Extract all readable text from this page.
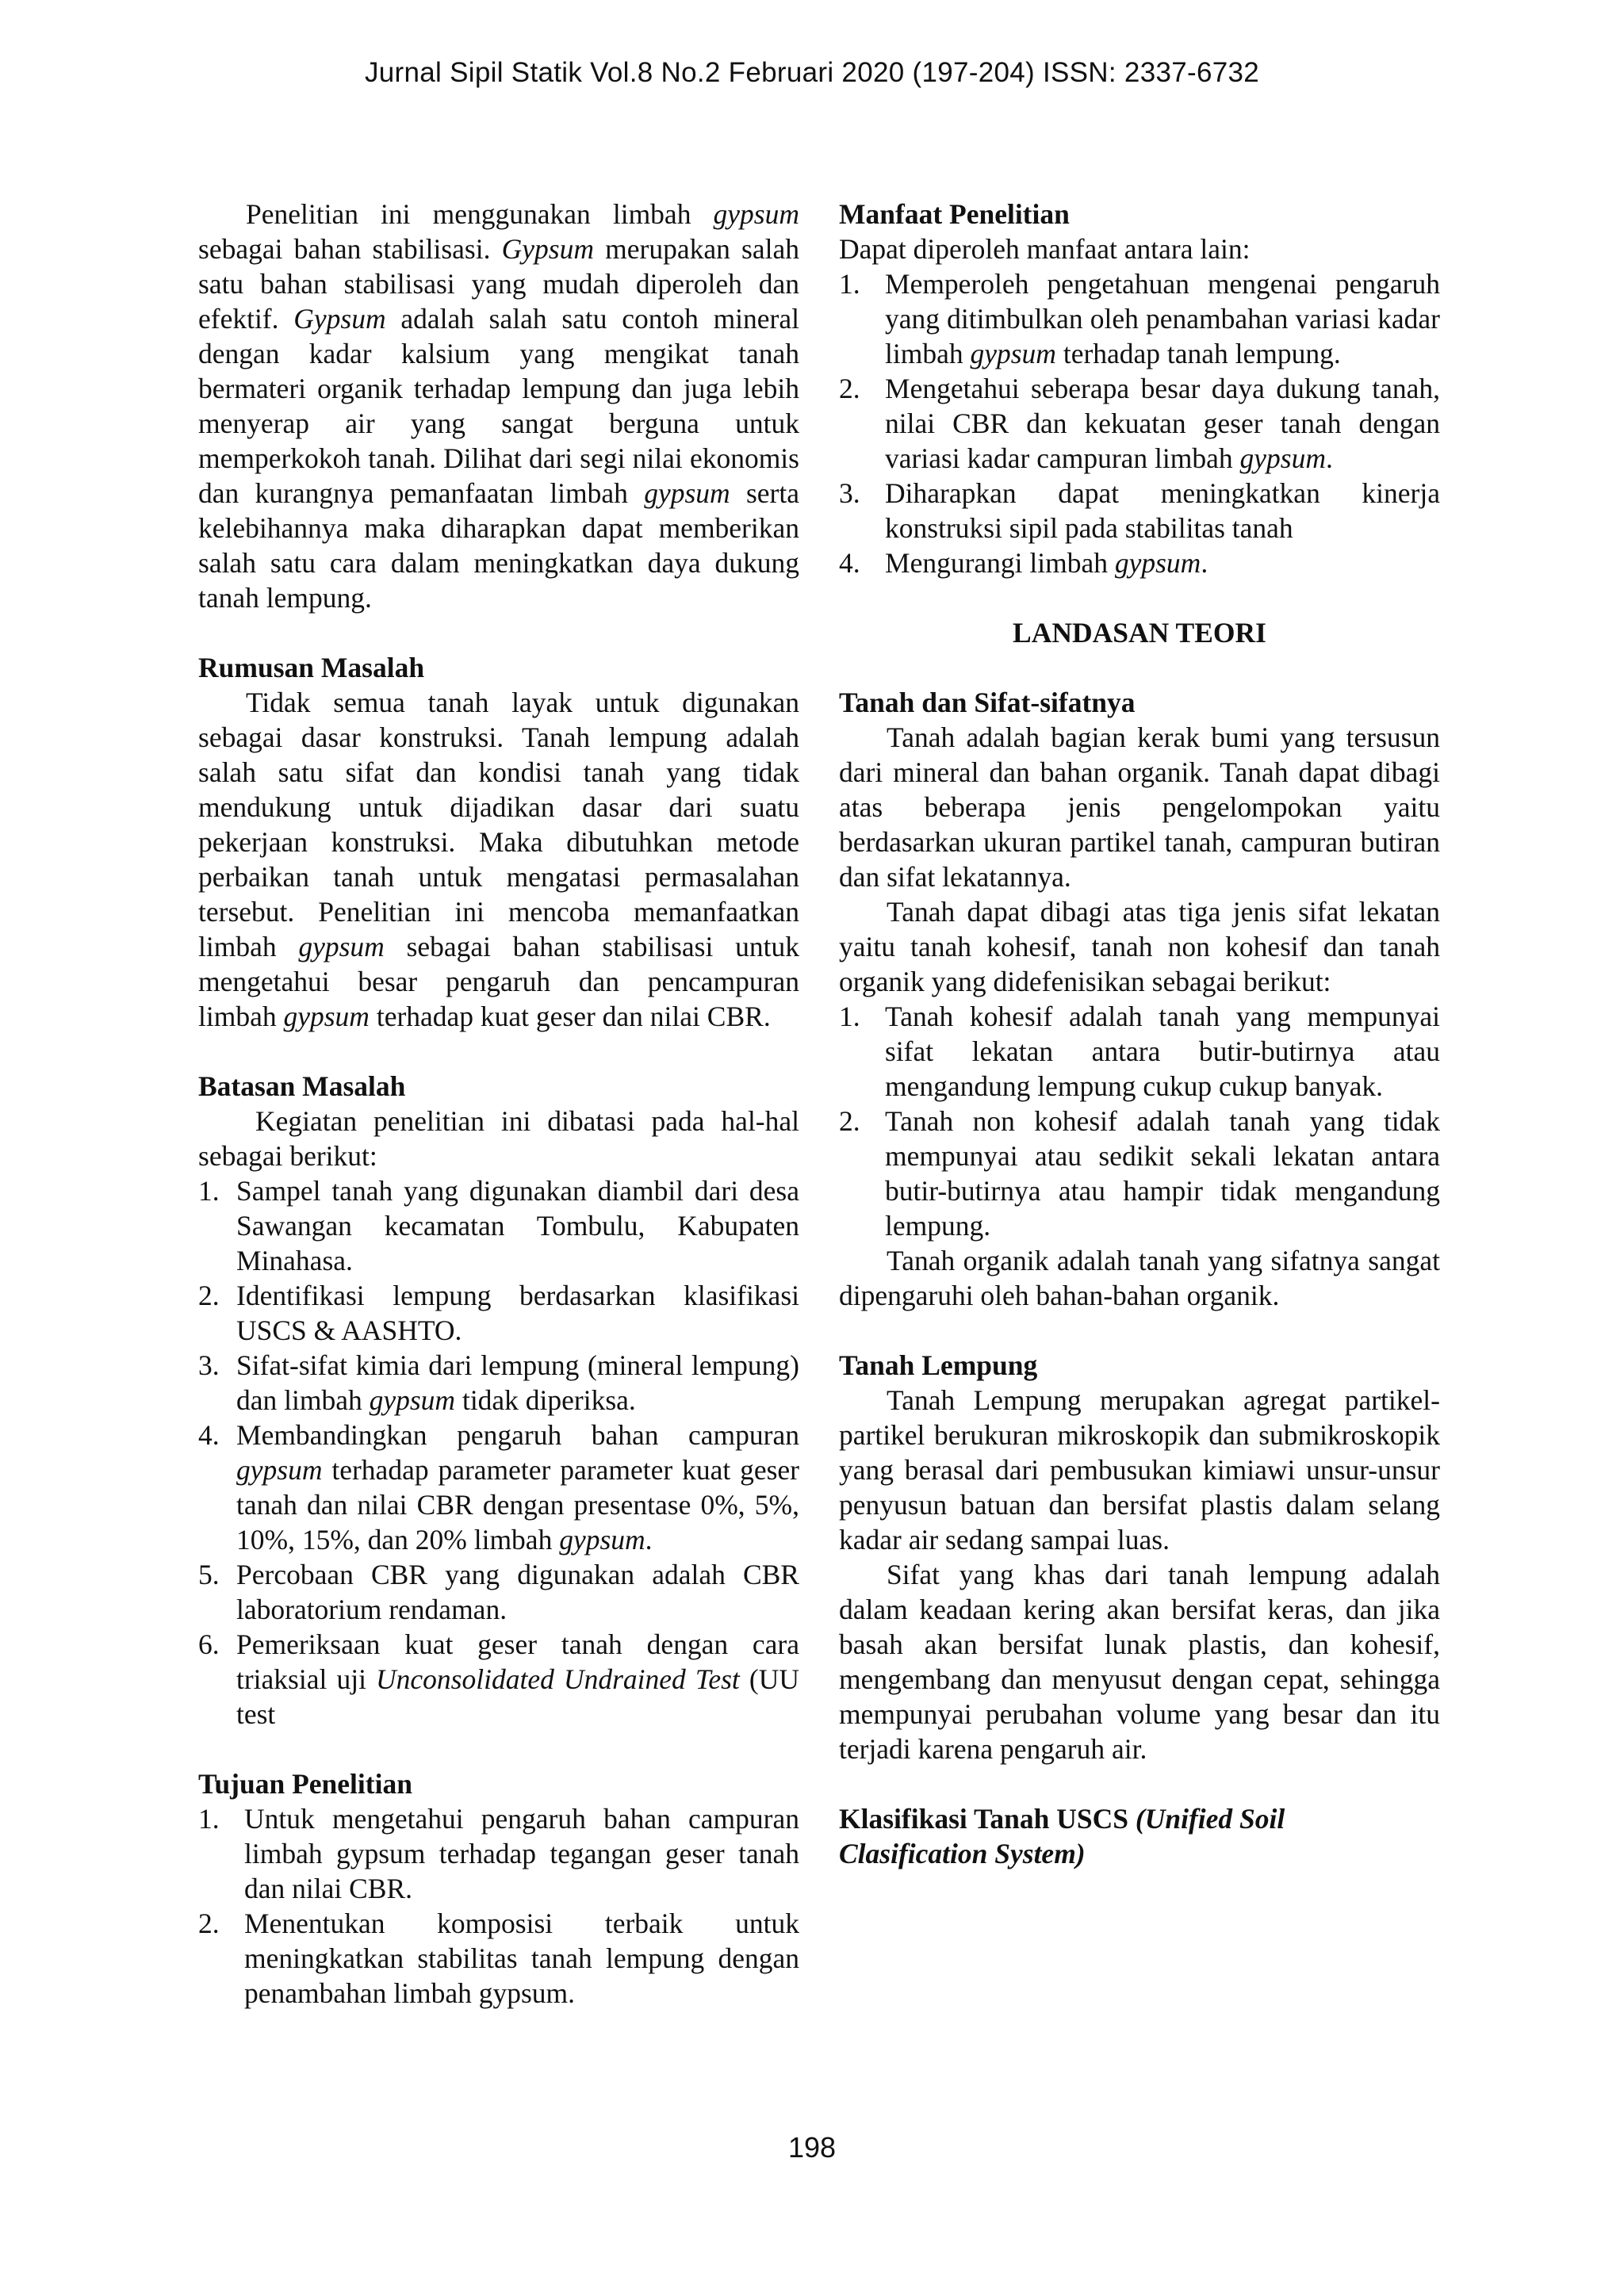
Jurnal Sipil Statik Vol.8 No.2 Februari 2020 (197-204) ISSN: 2337-6732

Penelitian ini menggunakan limbah gypsum sebagai bahan stabilisasi. Gypsum merupakan salah satu bahan stabilisasi yang mudah diperoleh dan efektif. Gypsum adalah salah satu contoh mineral dengan kadar kalsium yang mengikat tanah bermateri organik terhadap lempung dan juga lebih menyerap air yang sangat berguna untuk memperkokoh tanah. Dilihat dari segi nilai ekonomis dan kurangnya pemanfaatan limbah gypsum serta kelebihannya maka diharapkan dapat memberikan salah satu cara dalam meningkatkan daya dukung tanah lempung.

Rumusan Masalah

Tidak semua tanah layak untuk digunakan sebagai dasar konstruksi. Tanah lempung adalah salah satu sifat dan kondisi tanah yang tidak mendukung untuk dijadikan dasar dari suatu pekerjaan konstruksi. Maka dibutuhkan metode perbaikan tanah untuk mengatasi permasalahan tersebut. Penelitian ini mencoba memanfaatkan limbah gypsum sebagai bahan stabilisasi untuk mengetahui besar pengaruh dan pencampuran limbah gypsum terhadap kuat geser dan nilai CBR.

Batasan Masalah

Kegiatan penelitian ini dibatasi pada hal-hal sebagai berikut:

1. Sampel tanah yang digunakan diambil dari desa Sawangan kecamatan Tombulu, Kabupaten Minahasa.
2. Identifikasi lempung berdasarkan klasifikasi USCS & AASHTO.
3. Sifat-sifat kimia dari lempung (mineral lempung) dan limbah gypsum tidak diperiksa.
4. Membandingkan pengaruh bahan campuran gypsum terhadap parameter parameter kuat geser tanah dan nilai CBR dengan presentase 0%, 5%, 10%, 15%, dan 20% limbah gypsum.
5. Percobaan CBR yang digunakan adalah CBR laboratorium rendaman.
6. Pemeriksaan kuat geser tanah dengan cara triaksial uji Unconsolidated Undrained Test (UU test
Tujuan Penelitian
1. Untuk mengetahui pengaruh bahan campuran limbah gypsum terhadap tegangan geser tanah dan nilai CBR.
2. Menentukan komposisi terbaik untuk meningkatkan stabilitas tanah lempung dengan penambahan limbah gypsum.
Manfaat Penelitian

Dapat diperoleh manfaat antara lain:

1. Memperoleh pengetahuan mengenai pengaruh yang ditimbulkan oleh penambahan variasi kadar limbah gypsum terhadap tanah lempung.
2. Mengetahui seberapa besar daya dukung tanah, nilai CBR dan kekuatan geser tanah dengan variasi kadar campuran limbah gypsum.
3. Diharapkan dapat meningkatkan kinerja konstruksi sipil pada stabilitas tanah
4. Mengurangi limbah gypsum.
LANDASAN TEORI
Tanah dan Sifat-sifatnya

Tanah adalah bagian kerak bumi yang tersusun dari mineral dan bahan organik. Tanah dapat dibagi atas beberapa jenis pengelompokan yaitu berdasarkan ukuran partikel tanah, campuran butiran dan sifat lekatannya.

Tanah dapat dibagi atas tiga jenis sifat lekatan yaitu tanah kohesif, tanah non kohesif dan tanah organik yang didefenisikan sebagai berikut:

1. Tanah kohesif adalah tanah yang mempunyai sifat lekatan antara butir-butirnya atau mengandung lempung cukup cukup banyak.
2. Tanah non kohesif adalah tanah yang tidak mempunyai atau sedikit sekali lekatan antara butir-butirnya atau hampir tidak mengandung lempung.

Tanah organik adalah tanah yang sifatnya sangat dipengaruhi oleh bahan-bahan organik.

Tanah Lempung

Tanah Lempung merupakan agregat partikel-partikel berukuran mikroskopik dan submikroskopik yang berasal dari pembusukan kimiawi unsur-unsur penyusun batuan dan bersifat plastis dalam selang kadar air sedang sampai luas.

Sifat yang khas dari tanah lempung adalah dalam keadaan kering akan bersifat keras, dan jika basah akan bersifat lunak plastis, dan kohesif, mengembang dan menyusut dengan cepat, sehingga mempunyai perubahan volume yang besar dan itu terjadi karena pengaruh air.

Klasifikasi Tanah USCS (Unified Soil Clasification System)
198
